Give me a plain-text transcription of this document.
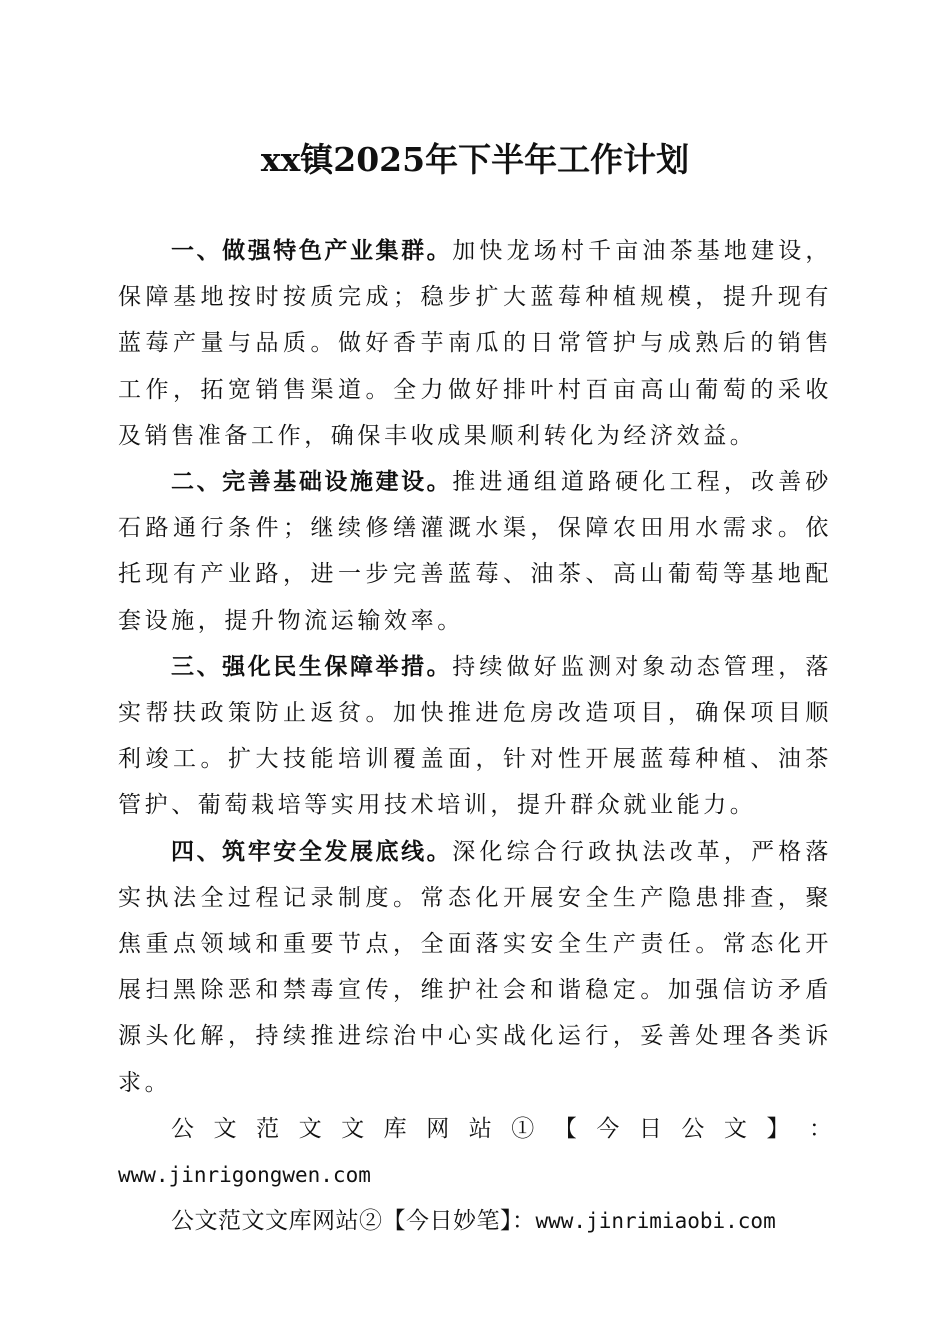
xx镇2025年下半年工作计划

一、做强特色产业集群。加快龙场村千亩油茶基地建设，保障基地按时按质完成；稳步扩大蓝莓种植规模，提升现有蓝莓产量与品质。做好香芋南瓜的日常管护与成熟后的销售工作，拓宽销售渠道。全力做好排叶村百亩高山葡萄的采收及销售准备工作，确保丰收成果顺利转化为经济效益。

二、完善基础设施建设。推进通组道路硬化工程，改善砂石路通行条件；继续修缮灌溉水渠，保障农田用水需求。依托现有产业路，进一步完善蓝莓、油茶、高山葡萄等基地配套设施，提升物流运输效率。

三、强化民生保障举措。持续做好监测对象动态管理，落实帮扶政策防止返贫。加快推进危房改造项目，确保项目顺利竣工。扩大技能培训覆盖面，针对性开展蓝莓种植、油茶管护、葡萄栽培等实用技术培训，提升群众就业能力。

四、筑牢安全发展底线。深化综合行政执法改革，严格落实执法全过程记录制度。常态化开展安全生产隐患排查，聚焦重点领域和重要节点，全面落实安全生产责任。常态化开展扫黑除恶和禁毒宣传，维护社会和谐稳定。加强信访矛盾源头化解，持续推进综治中心实战化运行，妥善处理各类诉求。

公 文 范 文 文 库 网 站 ① 【 今 日 公 文 】 ：

www.jinrigongwen.com

公文范文文库网站②【今日妙笔】：www.jinrimiaobi.com
